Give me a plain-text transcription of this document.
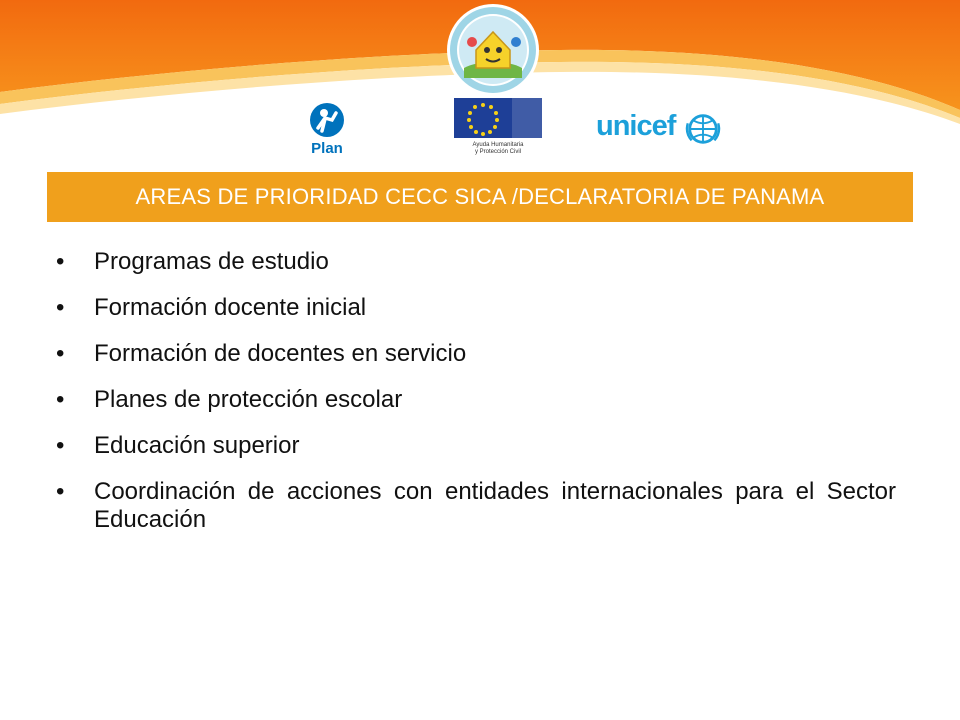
Plan	Ayuda Humanitaria
y Protección Civil
unicef
AREAS DE PRIORIDAD CECC SICA /DECLARATORIA DE PANAMA
• Programas de estudio
• Formación docente inicial
• Formación de docentes en servicio
• Planes de protección escolar
• Educación superior
• Coordinación de acciones con entidades internacionales para el Sector Educación
